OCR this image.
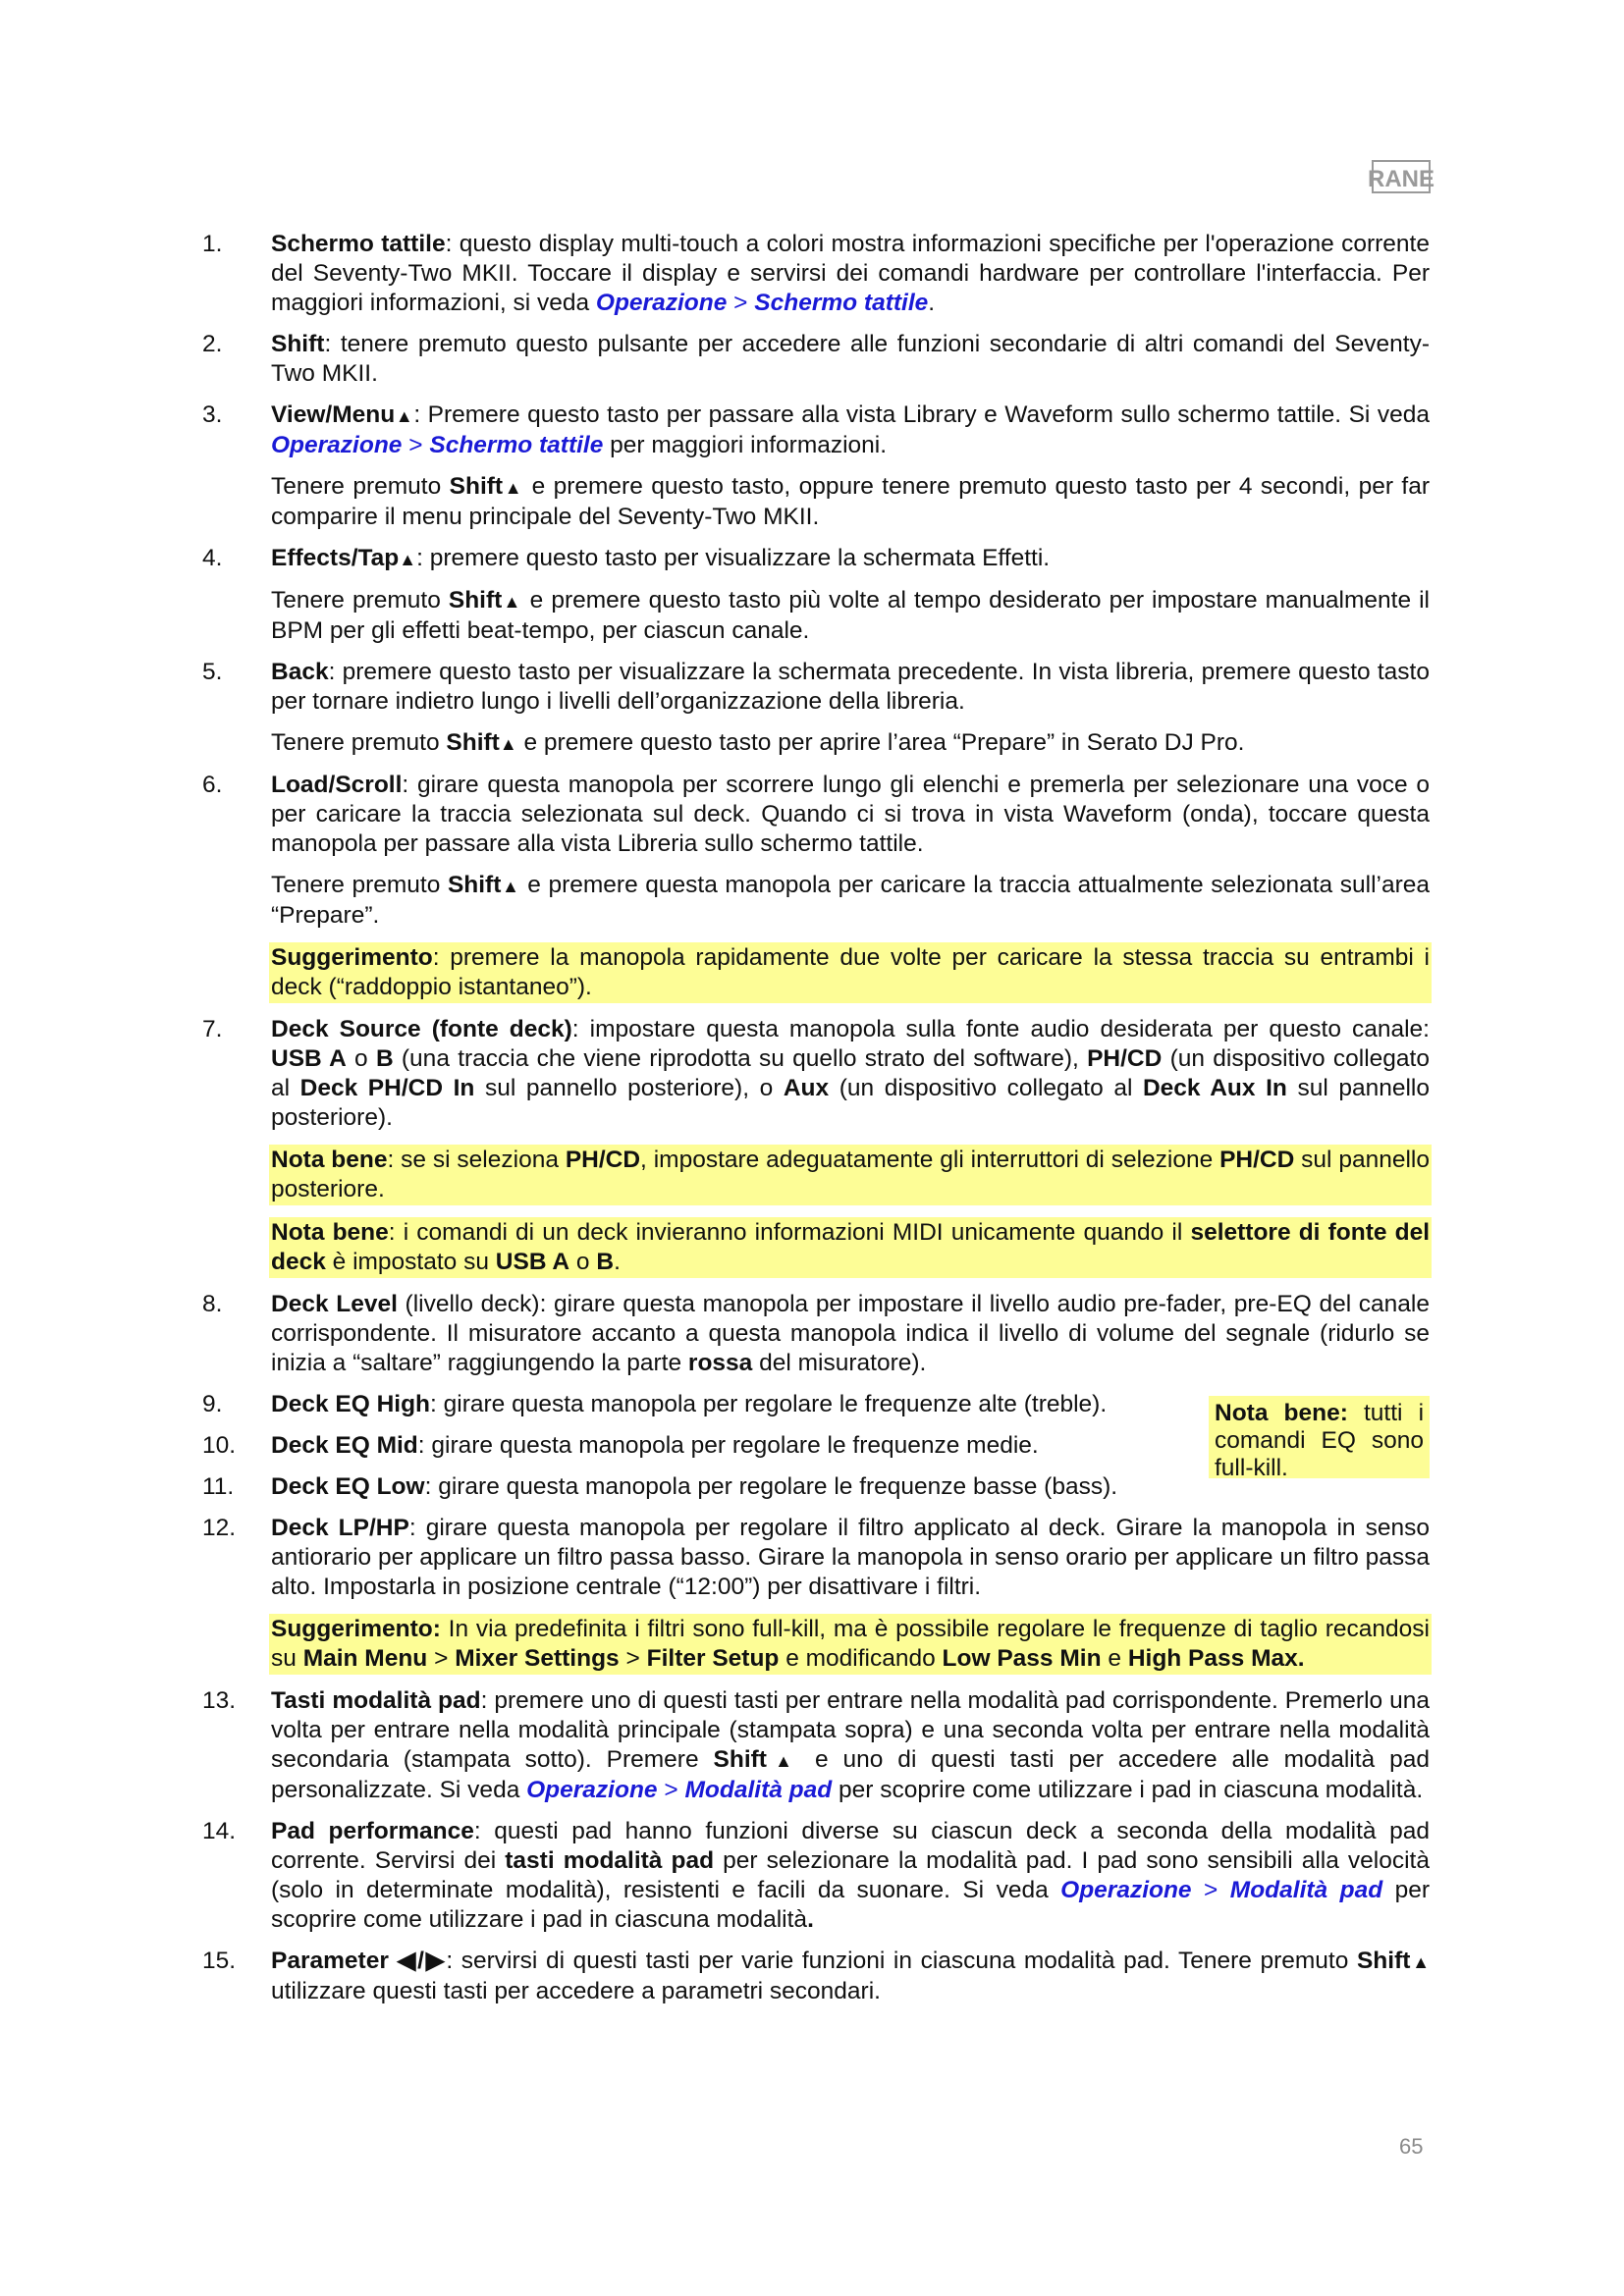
RANE
1.	Schermo tattile: questo display multi-touch a colori mostra informazioni specifiche per l'operazione corrente del Seventy-Two MKII. Toccare il display e servirsi dei comandi hardware per controllare l'interfaccia. Per maggiori informazioni, si veda Operazione > Schermo tattile.

2.	Shift: tenere premuto questo pulsante per accedere alle funzioni secondarie di altri comandi del Seventy-Two MKII.

3.	View/Menu▲: Premere questo tasto per passare alla vista Library e Waveform sullo schermo tattile. Si veda Operazione > Schermo tattile per maggiori informazioni.

Tenere premuto Shift▲ e premere questo tasto, oppure tenere premuto questo tasto per 4 secondi, per far comparire il menu principale del Seventy-Two MKII.

4.	Effects/Tap▲: premere questo tasto per visualizzare la schermata Effetti.

Tenere premuto Shift▲ e premere questo tasto più volte al tempo desiderato per impostare manualmente il BPM per gli effetti beat-tempo, per ciascun canale.

5.	Back: premere questo tasto per visualizzare la schermata precedente. In vista libreria, premere questo tasto per tornare indietro lungo i livelli dell’organizzazione della libreria.

Tenere premuto Shift▲ e premere questo tasto per aprire l’area “Prepare” in Serato DJ Pro.

6.	Load/Scroll: girare questa manopola per scorrere lungo gli elenchi e premerla per selezionare una voce o per caricare la traccia selezionata sul deck. Quando ci si trova in vista Waveform (onda), toccare questa manopola per passare alla vista Libreria sullo schermo tattile.

Tenere premuto Shift▲ e premere questa manopola per caricare la traccia attualmente selezionata sull’area “Prepare”.

Suggerimento: premere la manopola rapidamente due volte per caricare la stessa traccia su entrambi i deck (“raddoppio istantaneo”).

7.	Deck Source (fonte deck): impostare questa manopola sulla fonte audio desiderata per questo canale: USB A o B (una traccia che viene riprodotta su quello strato del software), PH/CD (un dispositivo collegato al Deck PH/CD In sul pannello posteriore), o Aux (un dispositivo collegato al Deck Aux In sul pannello posteriore).

Nota bene: se si seleziona PH/CD, impostare adeguatamente gli interruttori di selezione PH/CD sul pannello posteriore.

Nota bene: i comandi di un deck invieranno informazioni MIDI unicamente quando il selettore di fonte del deck è impostato su USB A o B.

8.	Deck Level (livello deck): girare questa manopola per impostare il livello audio pre-fader, pre-EQ del canale corrispondente. Il misuratore accanto a questa manopola indica il livello di volume del segnale (ridurlo se inizia a “saltare” raggiungendo la parte rossa del misuratore).

9.	Deck EQ High: girare questa manopola per regolare le frequenze alte (treble).

10.	Deck EQ Mid: girare questa manopola per regolare le frequenze medie.

11.	Deck EQ Low: girare questa manopola per regolare le frequenze basse (bass).

Nota bene: tutti i comandi EQ sono full-kill.
12.	Deck LP/HP: girare questa manopola per regolare il filtro applicato al deck. Girare la manopola in senso antiorario per applicare un filtro passa basso. Girare la manopola in senso orario per applicare un filtro passa alto. Impostarla in posizione centrale (“12:00”) per disattivare i filtri.

Suggerimento: In via predefinita i filtri sono full-kill, ma è possibile regolare le frequenze di taglio recandosi su Main Menu > Mixer Settings > Filter Setup e modificando Low Pass Min e High Pass Max.

13.	Tasti modalità pad: premere uno di questi tasti per entrare nella modalità pad corrispondente. Premerlo una volta per entrare nella modalità principale (stampata sopra) e una seconda volta per entrare nella modalità secondaria (stampata sotto). Premere Shift▲ e uno di questi tasti per accedere alle modalità pad personalizzate. Si veda Operazione > Modalità pad per scoprire come utilizzare i pad in ciascuna modalità.

14.	Pad performance: questi pad hanno funzioni diverse su ciascun deck a seconda della modalità pad corrente. Servirsi dei tasti modalità pad per selezionare la modalità pad. I pad sono sensibili alla velocità (solo in determinate modalità), resistenti e facili da suonare. Si veda Operazione > Modalità pad per scoprire come utilizzare i pad in ciascuna modalità.

15.	Parameter ◀/▶: servirsi di questi tasti per varie funzioni in ciascuna modalità pad. Tenere premuto Shift▲ utilizzare questi tasti per accedere a parametri secondari.

65
